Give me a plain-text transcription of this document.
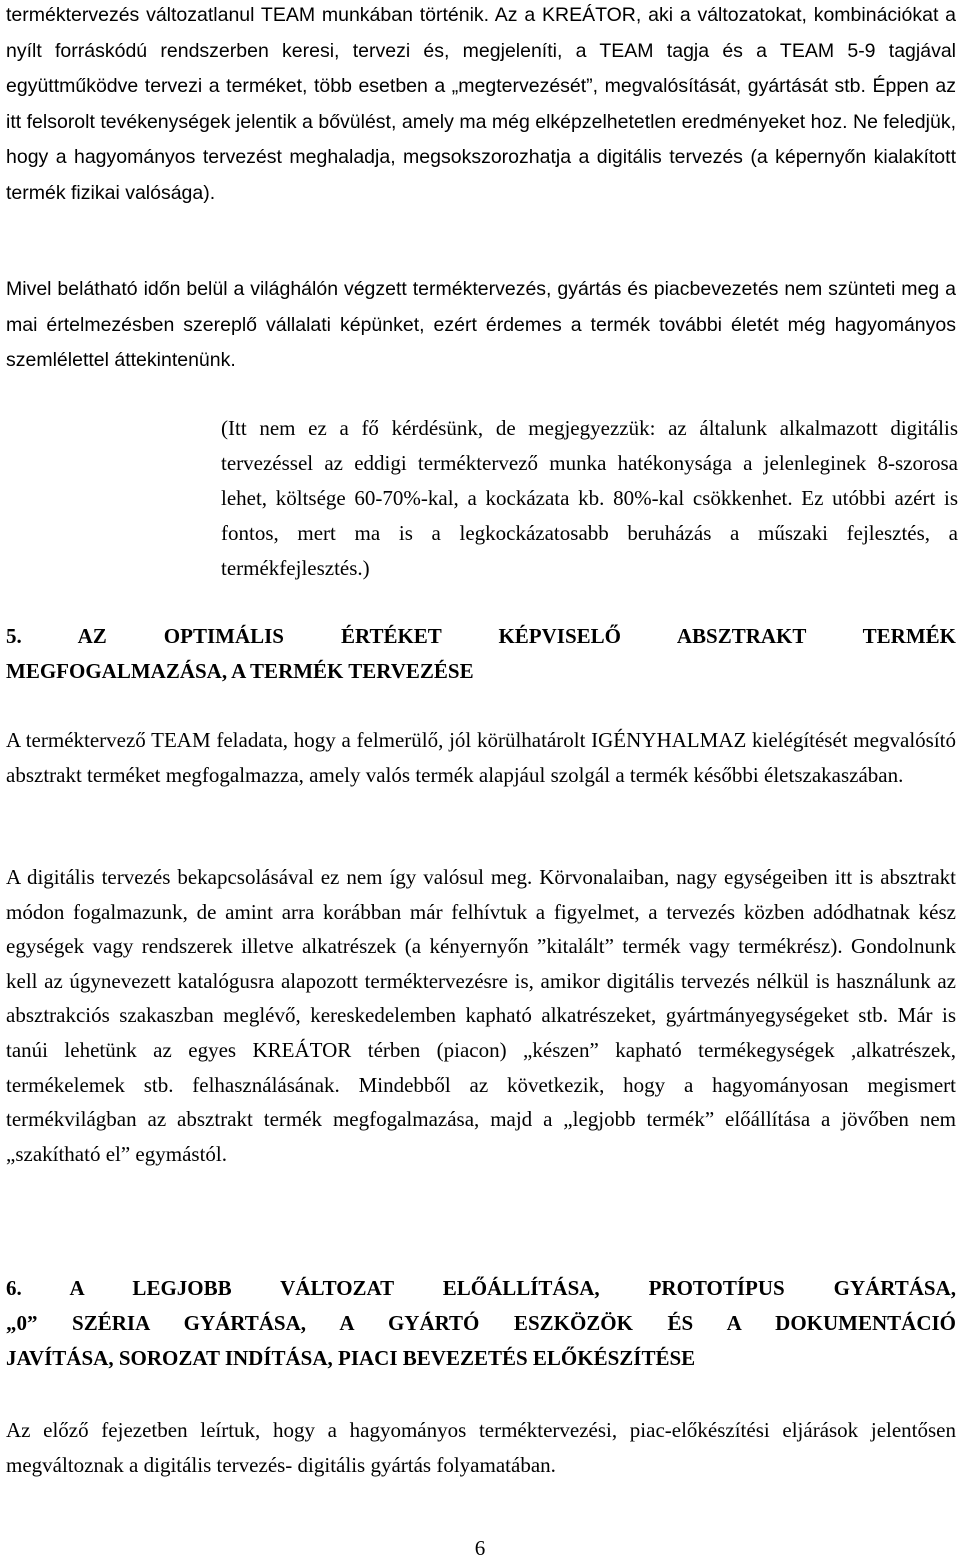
terméktervezés változatlanul TEAM munkában történik. Az a KREÁTOR, aki a változatokat, kombinációkat a nyílt forráskódú rendszerben keresi, tervezi és, megjeleníti, a TEAM tagja és a TEAM 5-9 tagjával együttműködve tervezi a terméket, több esetben a „megtervezését”, megvalósítását, gyártását stb. Éppen az itt felsorolt tevékenységek jelentik a bővülést, amely ma még elképzelhetetlen eredményeket hoz. Ne feledjük, hogy a hagyományos tervezést meghaladja, megsokszorozhatja a digitális tervezés (a képernyőn kialakított termék fizikai valósága).

Mivel belátható időn belül a világhálón végzett terméktervezés, gyártás és piacbevezetés nem szünteti meg a mai értelmezésben szereplő vállalati képünket, ezért érdemes a termék további életét még hagyományos szemlélettel áttekintenünk.

(Itt nem ez a fő kérdésünk, de megjegyezzük: az általunk alkalmazott digitális tervezéssel az eddigi terméktervező munka hatékonysága a jelenleginek 8-szorosa lehet, költsége 60-70%-kal, a kockázata kb. 80%-kal csökkenhet. Ez utóbbi azért is fontos, mert ma is a legkockázatosabb beruházás a műszaki fejlesztés, a termékfejlesztés.)

5. AZ OPTIMÁLIS ÉRTÉKET KÉPVISELŐ ABSZTRAKT TERMÉK
MEGFOGALMAZÁSA, A TERMÉK TERVEZÉSE

A terméktervező TEAM feladata, hogy a felmerülő, jól körülhatárolt IGÉNYHALMAZ kielégítését megvalósító absztrakt terméket megfogalmazza, amely valós termék alapjául szolgál a termék későbbi életszakaszában.

A digitális tervezés bekapcsolásával ez nem így valósul meg. Körvonalaiban, nagy egységeiben itt is absztrakt módon fogalmazunk, de amint arra korábban már felhívtuk a figyelmet, a tervezés közben adódhatnak kész egységek vagy rendszerek illetve alkatrészek (a kényernyőn ”kitalált” termék vagy termékrész). Gondolnunk kell az úgynevezett katalógusra alapozott terméktervezésre is, amikor digitális tervezés nélkül is használunk az absztrakciós szakaszban meglévő, kereskedelemben kapható alkatrészeket, gyártmányegységeket stb. Már is tanúi lehetünk az egyes KREÁTOR térben (piacon) „készen” kapható termékegységek ,alkatrészek, termékelemek stb. felhasználásának. Mindebből az következik, hogy a hagyományosan megismert termékvilágban az absztrakt termék megfogalmazása, majd a „legjobb termék” előállítása a jövőben nem „szakítható el” egymástól.

6. A LEGJOBB VÁLTOZAT ELŐÁLLÍTÁSA, PROTOTÍPUS GYÁRTÁSA,
„0” SZÉRIA GYÁRTÁSA, A GYÁRTÓ ESZKÖZÖK ÉS A DOKUMENTÁCIÓ
JAVÍTÁSA, SOROZAT INDÍTÁSA, PIACI BEVEZETÉS ELŐKÉSZÍTÉSE

Az előző fejezetben leírtuk, hogy a hagyományos terméktervezési, piac-előkészítési eljárások jelentősen megváltoznak a digitális tervezés- digitális gyártás folyamatában.

6
